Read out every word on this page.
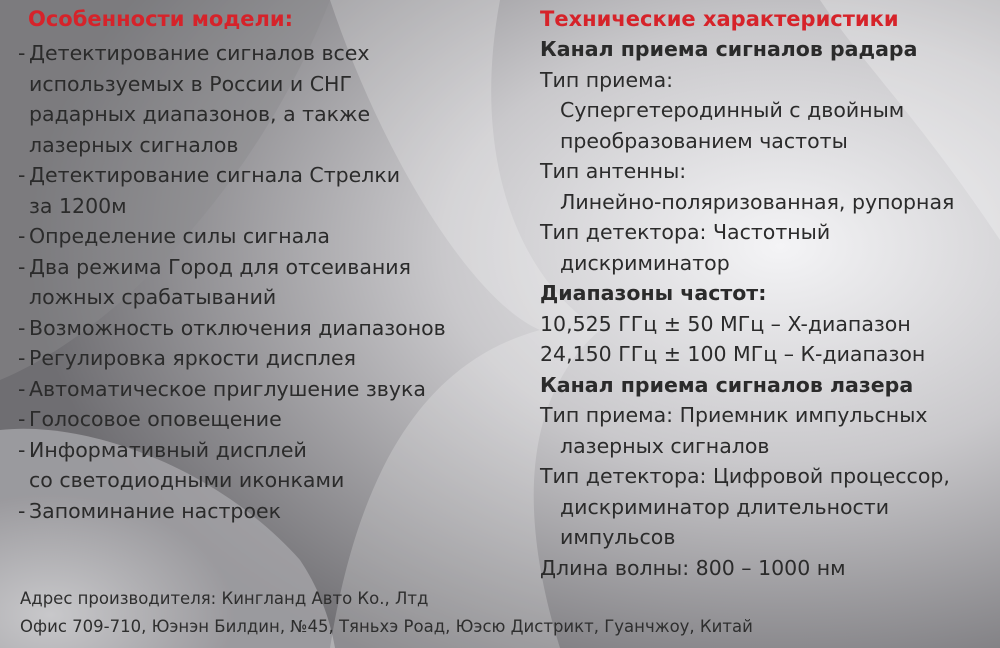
Особенности модели:
- Детектирование сигналов всех
используемых в России и СНГ
радарных диапазонов, а также
лазерных сигналов
- Детектирование сигнала Стрелки
за 1200м
- Определение силы сигнала
- Два режима Город для отсеивания
ложных срабатываний
- Возможность отключения диапазонов
- Регулировка яркости дисплея
- Автоматическое приглушение звука
- Голосовое оповещение
- Информативный дисплей
со светодиодными иконками
- Запоминание настроек
Технические характеристики
Канал приема сигналов радара
Тип приема:
Супергетеродинный с двойным
преобразованием частоты
Тип антенны:
Линейно-поляризованная, рупорная
Тип детектора: Частотный
дискриминатор
Диапазоны частот:
10,525 ГГц ± 50 МГц – X-диапазон
24,150 ГГц ± 100 МГц – К-диапазон
Канал приема сигналов лазера
Тип приема: Приемник импульсных
лазерных сигналов
Тип детектора: Цифровой процессор,
дискриминатор длительности
импульсов
Длина волны: 800 – 1000 нм
Адрес производителя: Кингланд Авто Ко., Лтд
Офис 709-710, Юэнэн Билдин, №45, Тяньхэ Роад, Юэсю Дистрикт, Гуанчжоу, Китай
